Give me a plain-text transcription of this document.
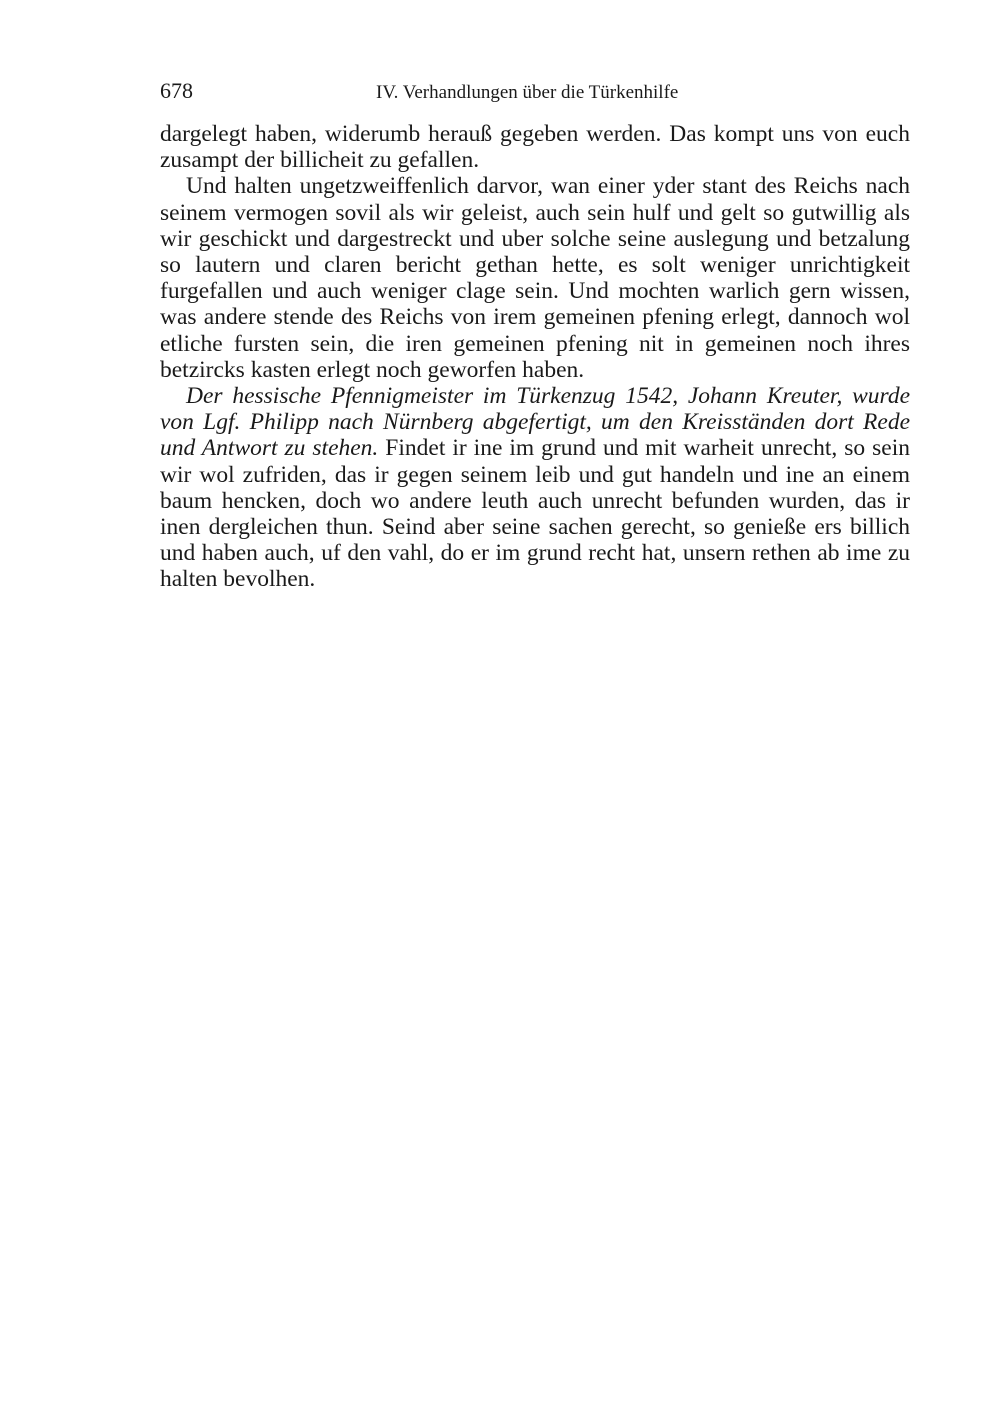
678	IV. Verhandlungen über die Türkenhilfe

dargelegt haben, widerumb herauß gegeben werden. Das kompt uns von euch zusampt der billicheit zu gefallen.

Und halten ungetzweiffenlich darvor, wan einer yder stant des Reichs nach seinem vermogen sovil als wir geleist, auch sein hulf und gelt so gutwillig als wir geschickt und dargestreckt und uber solche seine auslegung und betzalung so lautern und claren bericht gethan hette, es solt weniger unrichtigkeit furgefallen und auch weniger clage sein. Und mochten warlich gern wissen, was andere stende des Reichs von irem gemeinen pfening erlegt, dannoch wol etliche fursten sein, die iren gemeinen pfening nit in gemeinen noch ihres betzircks kasten erlegt noch geworfen haben.

Der hessische Pfennigmeister im Türkenzug 1542, Johann Kreuter, wurde von Lgf. Philipp nach Nürnberg abgefertigt, um den Kreisständen dort Rede und Antwort zu stehen. Findet ir ine im grund und mit warheit unrecht, so sein wir wol zufriden, das ir gegen seinem leib und gut handeln und ine an einem baum hencken, doch wo andere leuth auch unrecht befunden wurden, das ir inen dergleichen thun. Seind aber seine sachen gerecht, so genieße ers billich und haben auch, uf den vahl, do er im grund recht hat, unsern rethen ab ime zu halten bevolhen.
